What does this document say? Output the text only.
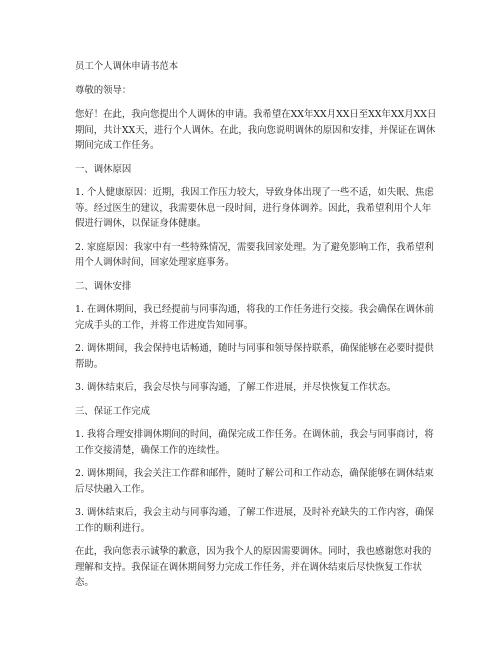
员工个人调休申请书范本

尊敬的领导：

您好！在此，我向您提出个人调休的申请。我希望在XX年XX月XX日至XX年XX月XX日期间，共计XX天，进行个人调休。在此，我向您说明调休的原因和安排，并保证在调休期间完成工作任务。

一、调休原因

1. 个人健康原因：近期，我因工作压力较大，导致身体出现了一些不适，如失眠、焦虑等。经过医生的建议，我需要休息一段时间，进行身体调养。因此，我希望利用个人年假进行调休，以保证身体健康。

2. 家庭原因：我家中有一些特殊情况，需要我回家处理。为了避免影响工作，我希望利用个人调休时间，回家处理家庭事务。

二、调休安排

1. 在调休期间，我已经提前与同事沟通，将我的工作任务进行交接。我会确保在调休前完成手头的工作，并将工作进度告知同事。

2. 调休期间，我会保持电话畅通，随时与同事和领导保持联系，确保能够在必要时提供帮助。

3. 调休结束后，我会尽快与同事沟通，了解工作进展，并尽快恢复工作状态。

三、保证工作完成

1. 我将合理安排调休期间的时间，确保完成工作任务。在调休前，我会与同事商讨，将工作交接清楚，确保工作的连续性。

2. 调休期间，我会关注工作群和邮件，随时了解公司和工作动态，确保能够在调休结束后尽快融入工作。

3. 调休结束后，我会主动与同事沟通，了解工作进展，及时补充缺失的工作内容，确保工作的顺利进行。

在此，我向您表示诚挚的歉意，因为我个人的原因需要调休。同时，我也感谢您对我的理解和支持。我保证在调休期间努力完成工作任务，并在调休结束后尽快恢复工作状态。
